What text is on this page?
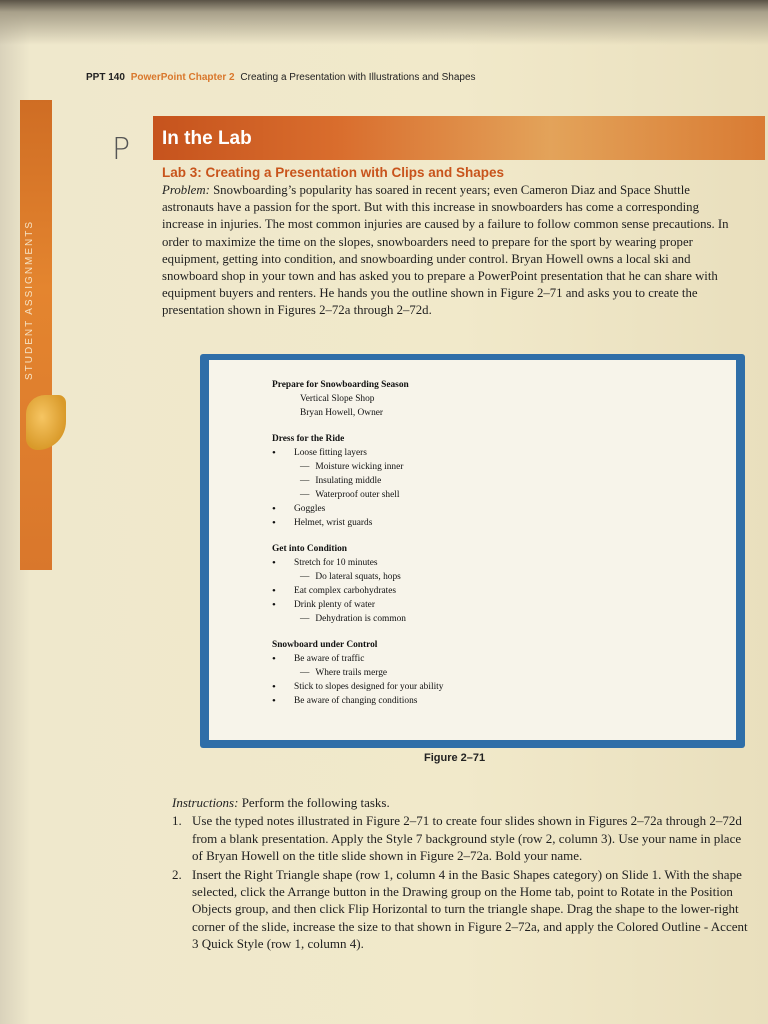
STUDENT ASSIGNMENTS
PPT 140 PowerPoint Chapter 2 Creating a Presentation with Illustrations and Shapes
P In the Lab
Lab 3: Creating a Presentation with Clips and Shapes
Problem: Snowboarding’s popularity has soared in recent years; even Cameron Diaz and Space Shuttle astronauts have a passion for the sport. But with this increase in snowboarders has come a corresponding increase in injuries. The most common injuries are caused by a failure to follow common sense precautions. In order to maximize the time on the slopes, snowboarders need to prepare for the sport by wearing proper equipment, getting into condition, and snowboarding under control. Bryan Howell owns a local ski and snowboard shop in your town and has asked you to prepare a PowerPoint presentation that he can share with equipment buyers and renters. He hands you the outline shown in Figure 2–71 and asks you to create the presentation shown in Figures 2–72a through 2–72d.
Prepare for Snowboarding Season
Vertical Slope Shop
Bryan Howell, Owner
Dress for the Ride
• Loose fitting layers
— Moisture wicking inner
— Insulating middle
— Waterproof outer shell
• Goggles
• Helmet, wrist guards
Get into Condition
• Stretch for 10 minutes
— Do lateral squats, hops
• Eat complex carbohydrates
• Drink plenty of water
— Dehydration is common
Snowboard under Control
• Be aware of traffic
— Where trails merge
• Stick to slopes designed for your ability
• Be aware of changing conditions
Figure 2–71
Instructions: Perform the following tasks.
1. Use the typed notes illustrated in Figure 2–71 to create four slides shown in Figures 2–72a through 2–72d from a blank presentation. Apply the Style 7 background style (row 2, column 3). Use your name in place of Bryan Howell on the title slide shown in Figure 2–72a. Bold your name.
2. Insert the Right Triangle shape (row 1, column 4 in the Basic Shapes category) on Slide 1. With the shape selected, click the Arrange button in the Drawing group on the Home tab, point to Rotate in the Position Objects group, and then click Flip Horizontal to turn the triangle shape. Drag the shape to the lower-right corner of the slide, increase the size to that shown in Figure 2–72a, and apply the Colored Outline - Accent 3 Quick Style (row 1, column 4).
